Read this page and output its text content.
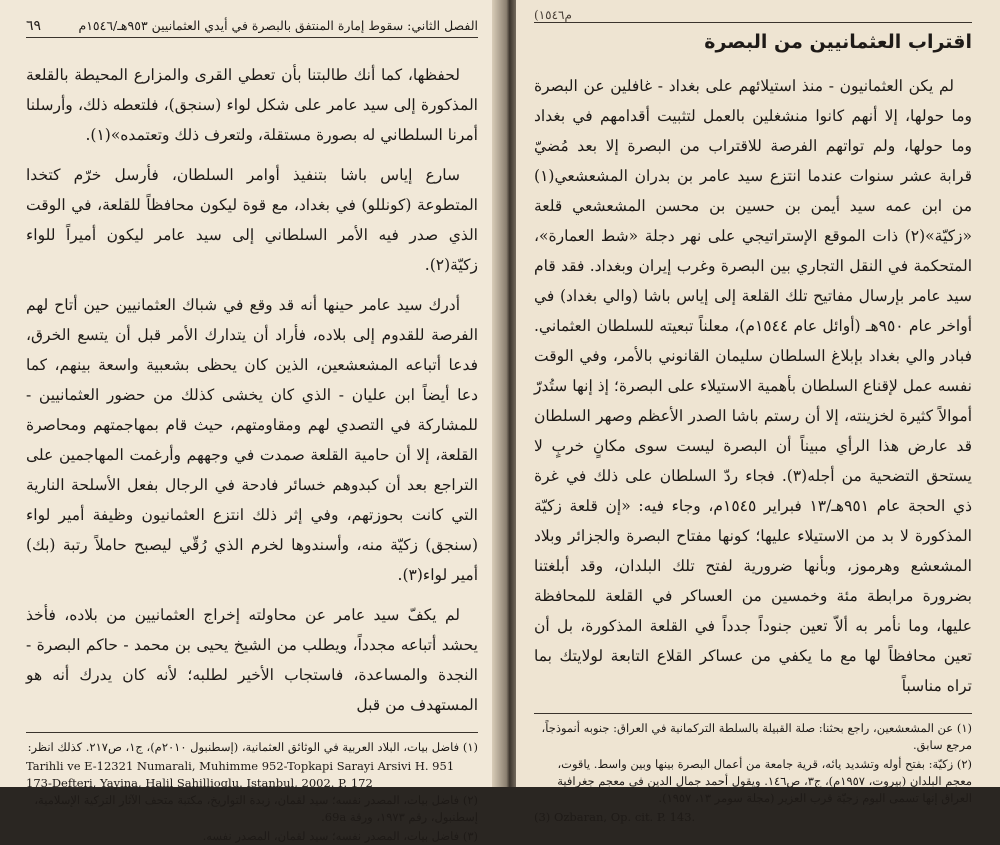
الفصل الثاني: سقوط إمارة المنتفق بالبصرة في أيدي العثمانيين ٩٥٣هـ/١٥٤٦م
٦٩

لحفظها، كما أنك طالبتنا بأن تعطي القرى والمزارع المحيطة بالقلعة المذكورة إلى سيد عامر على شكل لواء (سنجق)، فلتعطه ذلك، وأرسلنا أمرنا السلطاني له بصورة مستقلة، ولتعرف ذلك وتعتمده»(١).

سارع إياس باشا بتنفيذ أوامر السلطان، فأرسل خرّم كتخدا المتطوعة (كونللو) في بغداد، مع قوة ليكون محافظاً للقلعة، في الوقت الذي صدر فيه الأمر السلطاني إلى سيد عامر ليكون أميراً للواء زكيّة(٢).

أدرك سيد عامر حينها أنه قد وقع في شباك العثمانيين حين أتاح لهم الفرصة للقدوم إلى بلاده، فأراد أن يتدارك الأمر قبل أن يتسع الخرق، فدعا أتباعه المشعشعين، الذين كان يحظى بشعبية واسعة بينهم، كما دعا أيضاً ابن عليان - الذي كان يخشى كذلك من حضور العثمانيين - للمشاركة في التصدي لهم ومقاومتهم، حيث قام بمهاجمتهم ومحاصرة القلعة، إلا أن حامية القلعة صمدت في وجههم وأرغمت المهاجمين على التراجع بعد أن كبدوهم خسائر فادحة في الرجال بفعل الأسلحة النارية التي كانت بحوزتهم، وفي إثر ذلك انتزع العثمانيون وظيفة أمير لواء (سنجق) زكيّة منه، وأسندوها لخرم الذي رُقّي ليصبح حاملاً رتبة (بك) أمير لواء(٣).

لم يكفّ سيد عامر عن محاولته إخراج العثمانيين من بلاده، فأخذ يحشد أتباعه مجدداً، ويطلب من الشيخ يحيى بن محمد - حاكم البصرة - النجدة والمساعدة، فاستجاب الأخير لطلبه؛ لأنه كان يدرك أنه هو المستهدف من قبل

(١) فاضل بيات، البلاد العربية في الوثائق العثمانية، (إسطنبول ٢٠١٠م)، ج١، ص٢١٧. كذلك انظر:
Tarihli ve E-12321 Numarali, Muhimme 952-Topkapi Sarayi Arsivi H. 951
173-Defteri, Yayina, Halil Sahillioglu. Istanbul, 2002. P. 172
(٢) فاضل بيات، المصدر نفسه؛ سيد لقمان، زبدة التواريخ، مكتبة متحف الآثار التركية الإسلامية، إسطنبول، رقم ١٩٧٣، ورقة 69a.
(٣) فاضل بيات، المصدر نفسه؛ سيد لقمان، المصدر نفسه.
(م١٥٤٦
اقتراب العثمانيين من البصرة

لم يكن العثمانيون - منذ استيلائهم على بغداد - غافلين عن البصرة وما حولها، إلا أنهم كانوا منشغلين بالعمل لتثبيت أقدامهم في بغداد وما حولها، ولم تواتهم الفرصة للاقتراب من البصرة إلا بعد مُضيّ قرابة عشر سنوات عندما انتزع سيد عامر بن بدران المشعشعي(١) من ابن عمه سيد أيمن بن حسين بن محسن المشعشعي قلعة «زكيّة»(٢) ذات الموقع الإستراتيجي على نهر دجلة «شط العمارة»، المتحكمة في النقل التجاري بين البصرة وغرب إيران وبغداد. فقد قام سيد عامر بإرسال مفاتيح تلك القلعة إلى إياس باشا (والي بغداد) في أواخر عام ٩٥٠هـ (أوائل عام ١٥٤٤م)، معلناً تبعيته للسلطان العثماني. فبادر والي بغداد بإبلاغ السلطان سليمان القانوني بالأمر، وفي الوقت نفسه عمل لإقناع السلطان بأهمية الاستيلاء على البصرة؛ إذ إنها ستُدرّ أموالاً كثيرة لخزينته، إلا أن رستم باشا الصدر الأعظم وصهر السلطان قد عارض هذا الرأي مبيناً أن البصرة ليست سوى مكانٍ خربٍ لا يستحق التضحية من أجله(٣). فجاء ردّ السلطان على ذلك في غرة ذي الحجة عام ٩٥١هـ/١٣ فبراير ١٥٤٥م، وجاء فيه: «إن قلعة زكيّة المذكورة لا بد من الاستيلاء عليها؛ كونها مفتاح البصرة والجزائر وبلاد المشعشع وهرموز، وبأنها ضرورية لفتح تلك البلدان، وقد أبلغتنا بضرورة مرابطة مئة وخمسين من العساكر في القلعة للمحافظة عليها، وما نأمر به ألاّ تعين جنوداً جدداً في القلعة المذكورة، بل أن تعين محافظاً لها مع ما يكفي من عساكر القلاع التابعة لولايتك بما تراه مناسباً

(١) عن المشعشعين، راجع بحثنا: صلة القبيلة بالسلطة التركمانية في العراق: جنوبه أنموذجاً، مرجع سابق.
(٢) زكيّة: بفتح أوله وتشديد يائه، قرية جامعة من أعمال البصرة بينها وبين واسط. ياقوت، معجم البلدان (بيروت، ١٩٥٧م)، ج٣، ص١٤٦. ويقول أحمد جمال الدين في معجم جغرافية العراق إنها تسمى اليوم زجيّة قرب العزير (مجلة سومر ١٣، ١٩٥٧).
(3) Ozbaran, Op. cit. P. 143.
